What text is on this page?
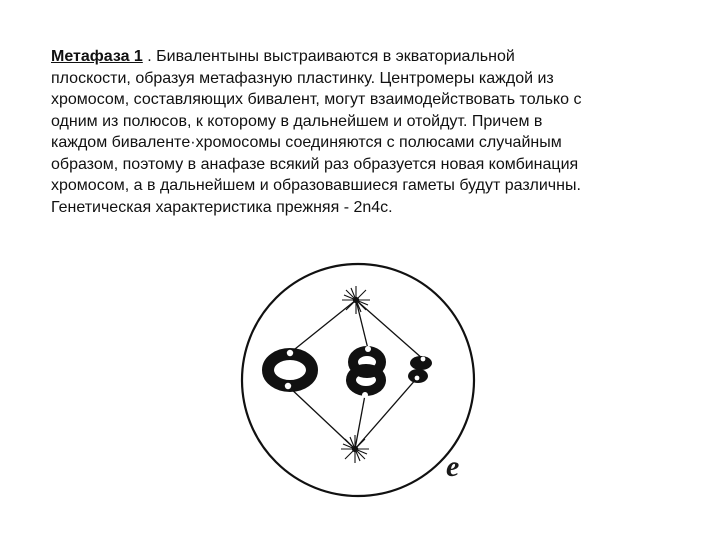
Метафаза 1 . Бивалентыны выстраиваются в экваториальной

плоскости, образуя метафазную пластинку. Центромеры каждой из

хромосом, составляющих бивалент, могут взаимодействовать только с

одним из полюсов, к которому в дальнейшем и отойдут. Причем в

каждом бивалентe·хромосомы соединяются с полюсами случайным

образом, поэтому в анафазе всякий раз образуется новая комбинация

хромосом, а в дальнейшем и образовавшиеся гаметы будут различны.

Генетическая характеристика прежняя - 2n4c.

e
